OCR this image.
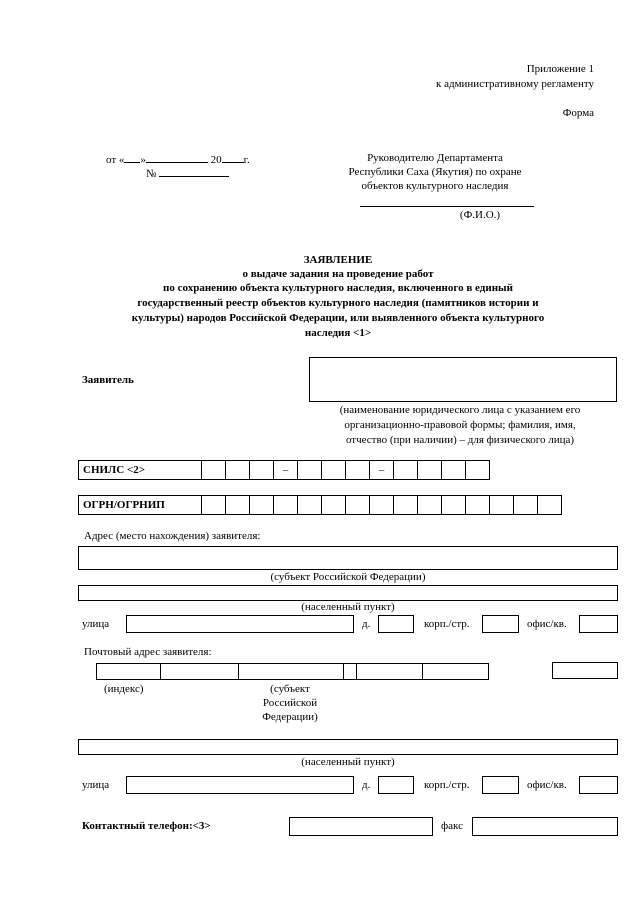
Приложение 1
к административному регламенту
Форма
от « »	20 г.
№
Руководителю Департамента
Республики Саха (Якутия) по охране
объектов культурного наследия
(Ф.И.О.)
ЗАЯВЛЕНИЕ
о выдаче задания на проведение работ
по сохранению объекта культурного наследия, включенного в единый
государственный реестр объектов культурного наследия (памятников истории и
культуры) народов Российской Федерации, или выявленного объекта культурного
наследия <1>
Заявитель
(наименование юридического лица с указанием его
организационно-правовой формы; фамилия, имя,
отчество (при наличии) – для физического лица)
СНИЛС <2>	–	–
ОГРН/ОГРНИП
Адрес (место нахождения) заявителя:
(субъект Российской Федерации)
(населенный пункт)
улица	д.	корп./стр.	офис/кв.
Почтовый адрес заявителя:
(индекс)	(субъект
Российской
Федерации)
(населенный пункт)
улица	д.	корп./стр.	офис/кв.
Контактный телефон:<3>	факс
